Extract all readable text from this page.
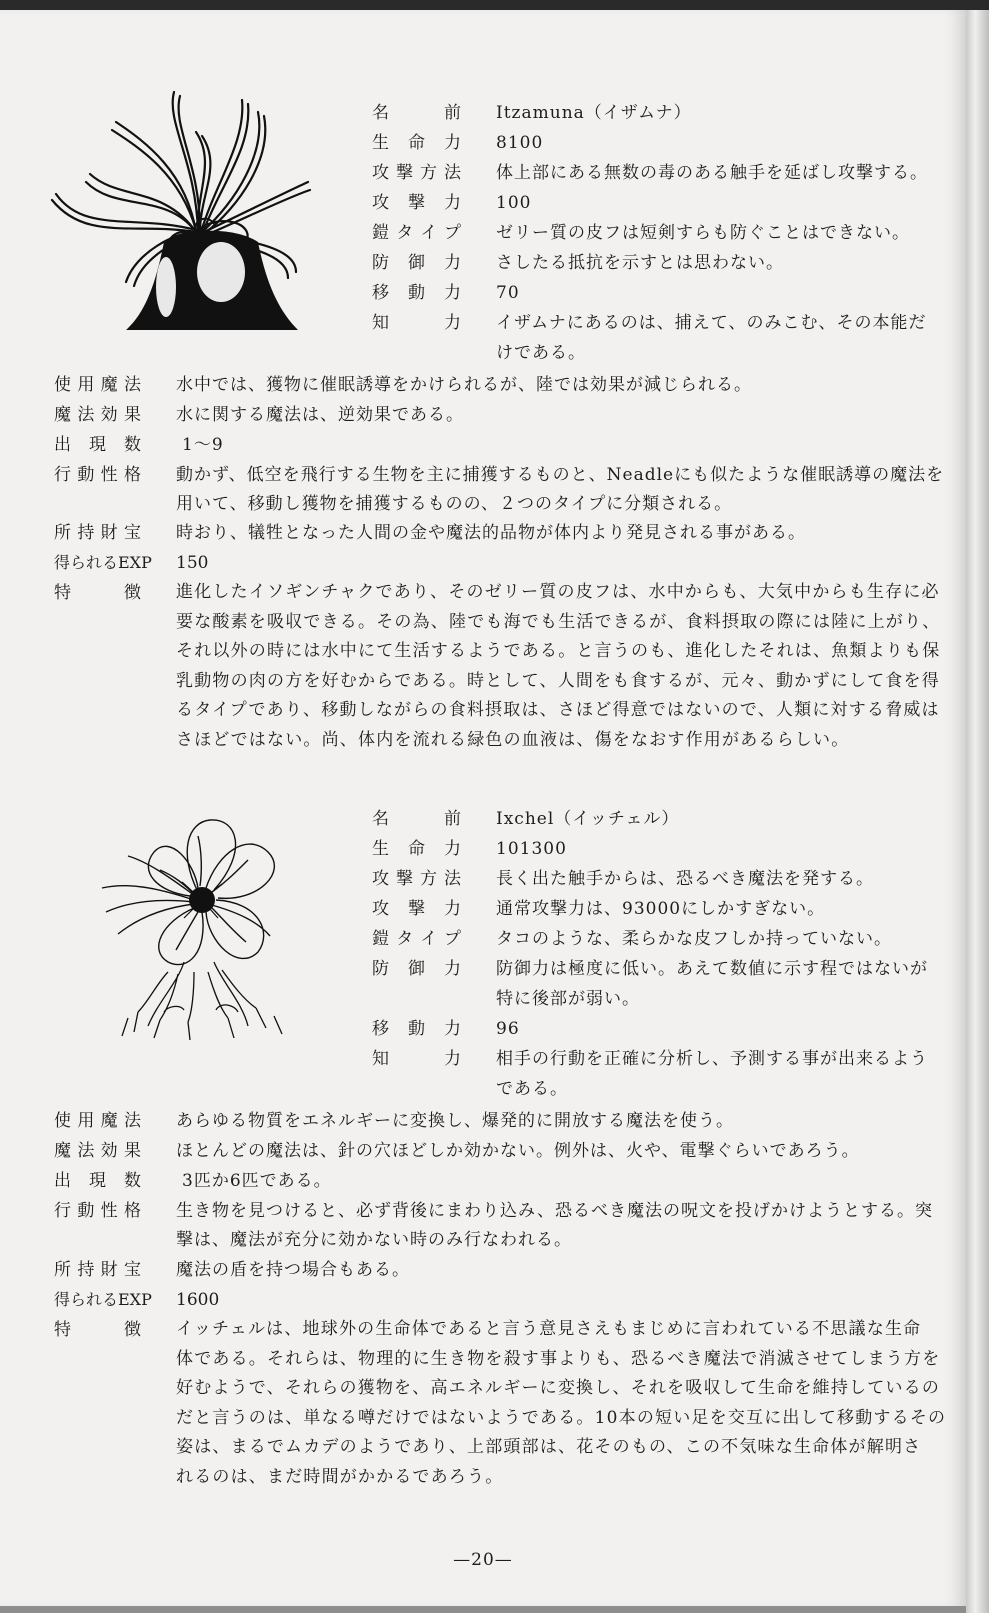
名　　前 Itzamuna（イザムナ）
生 命 力 8100
攻撃方法 体上部にある無数の毒のある触手を延ばし攻撃する。
攻 撃 力 100
鎧タイプ ゼリー質の皮フは短剣すらも防ぐことはできない。
防 御 力 さしたる抵抗を示すとは思わない。
移 動 力 70
知　　力 イザムナにあるのは、捕えて、のみこむ、その本能だ
けである。
使用魔法 水中では、獲物に催眠誘導をかけられるが、陸では効果が減じられる。
魔法効果 水に関する魔法は、逆効果である。
出 現 数 1～9
行動性格 動かず、低空を飛行する生物を主に捕獲するものと、Neadleにも似たような催眠誘導の魔法を
用いて、移動し獲物を捕獲するものの、２つのタイプに分類される。
所持財宝 時おり、犠牲となった人間の金や魔法的品物が体内より発見される事がある。
得られるEXP 150
特　　徴 進化したイソギンチャクであり、そのゼリー質の皮フは、水中からも、大気中からも生存に必
要な酸素を吸収できる。その為、陸でも海でも生活できるが、食料摂取の際には陸に上がり、
それ以外の時には水中にて生活するようである。と言うのも、進化したそれは、魚類よりも保
乳動物の肉の方を好むからである。時として、人間をも食するが、元々、動かずにして食を得
るタイプであり、移動しながらの食料摂取は、さほど得意ではないので、人類に対する脅威は
さほどではない。尚、体内を流れる緑色の血液は、傷をなおす作用があるらしい。
名　　前 Ixchel（イッチェル）
生 命 力 101300
攻撃方法 長く出た触手からは、恐るべき魔法を発する。
攻 撃 力 通常攻撃力は、93000にしかすぎない。
鎧タイプ タコのような、柔らかな皮フしか持っていない。
防 御 力 防御力は極度に低い。あえて数値に示す程ではないが
特に後部が弱い。
移 動 力 96
知　　力 相手の行動を正確に分析し、予測する事が出来るよう
である。
使用魔法 あらゆる物質をエネルギーに変換し、爆発的に開放する魔法を使う。
魔法効果 ほとんどの魔法は、針の穴ほどしか効かない。例外は、火や、電撃ぐらいであろう。
出 現 数 3匹か6匹である。
行動性格 生き物を見つけると、必ず背後にまわり込み、恐るべき魔法の呪文を投げかけようとする。突
撃は、魔法が充分に効かない時のみ行なわれる。
所持財宝 魔法の盾を持つ場合もある。
得られるEXP 1600
特　　徴 イッチェルは、地球外の生命体であると言う意見さえもまじめに言われている不思議な生命
体である。それらは、物理的に生き物を殺す事よりも、恐るべき魔法で消滅させてしまう方を
好むようで、それらの獲物を、高エネルギーに変換し、それを吸収して生命を維持しているの
だと言うのは、単なる噂だけではないようである。10本の短い足を交互に出して移動するその
姿は、まるでムカデのようであり、上部頭部は、花そのもの、この不気味な生命体が解明さ
れるのは、まだ時間がかかるであろう。
—20—
